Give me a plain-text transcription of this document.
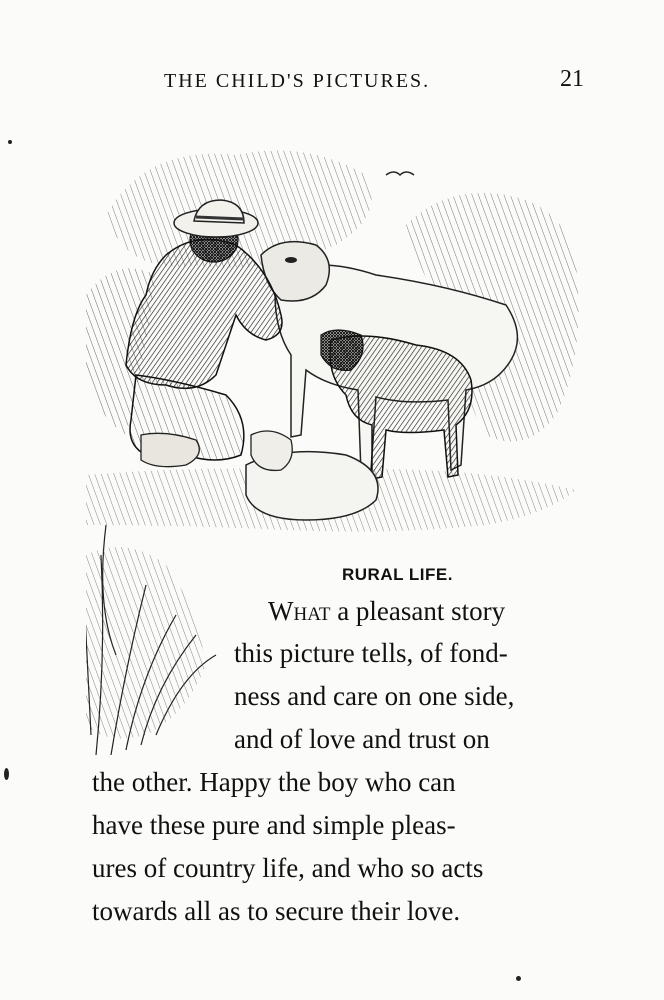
THE CHILD'S PICTURES.	21
RURAL LIFE.
What a pleasant story
this picture tells, of fond-
ness and care on one side,
and of love and trust on
the other. Happy the boy who can
have these pure and simple pleas-
ures of country life, and who so acts
towards all as to secure their love.
